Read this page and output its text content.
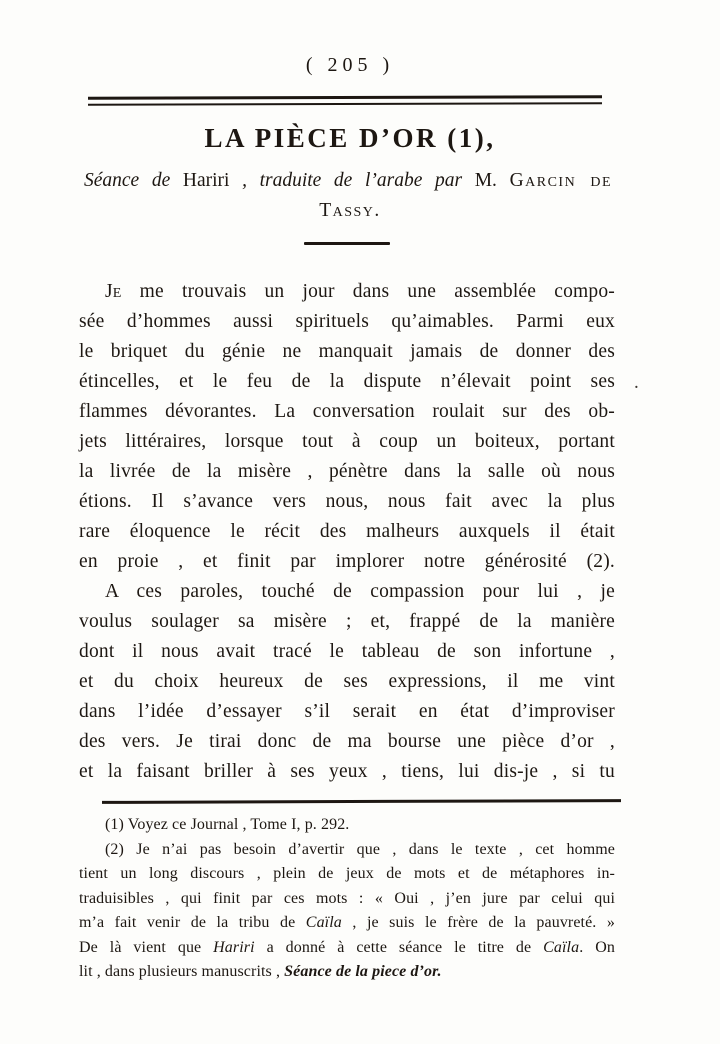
( 205 )
LA PIÈCE D’OR (1),
Séance de Hariri , traduite de l’arabe par M. Garcin de
Tassy.
JE me trouvais un jour dans une assemblée compo-
sée d’hommes aussi spirituels qu’aimables. Parmi eux
le briquet du génie ne manquait jamais de donner des
étincelles, et le feu de la dispute n’élevait point ses
flammes dévorantes. La conversation roulait sur des ob-
jets littéraires, lorsque tout à coup un boiteux, portant
la livrée de la misère , pénètre dans la salle où nous
étions. Il s’avance vers nous, nous fait avec la plus
rare éloquence le récit des malheurs auxquels il était
en proie , et finit par implorer notre générosité (2).
A ces paroles, touché de compassion pour lui , je
voulus soulager sa misère ; et, frappé de la manière
dont il nous avait tracé le tableau de son infortune ,
et du choix heureux de ses expressions, il me vint
dans l’idée d’essayer s’il serait en état d’improviser
des vers. Je tirai donc de ma bourse une pièce d’or ,
et la faisant briller à ses yeux , tiens, lui dis-je , si tu
.
(1) Voyez ce Journal , Tome I, p. 292.
(2) Je n’ai pas besoin d’avertir que , dans le texte , cet homme
tient un long discours , plein de jeux de mots et de métaphores in-
traduisibles , qui finit par ces mots : « Oui , j’en jure par celui qui
m’a fait venir de la tribu de Caïla , je suis le frère de la pauvreté. »
De là vient que Hariri a donné à cette séance le titre de Caïla. On
lit , dans plusieurs manuscrits , Séance de la piece d’or.
